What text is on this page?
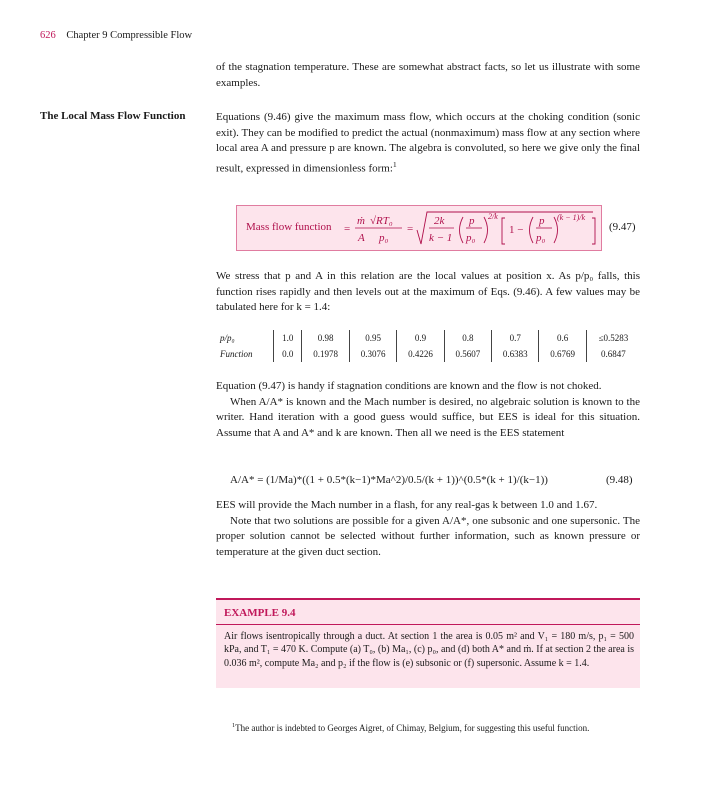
626 Chapter 9 Compressible Flow

of the stagnation temperature. These are somewhat abstract facts, so let us illustrate with some examples.

The Local Mass Flow Function	Equations (9.46) give the maximum mass flow, which occurs at the choking condition (sonic exit). They can be modified to predict the actual (nonmaximum) mass flow at any section where local area A and pressure p are known. The algebra is convoluted, so here we give only the final result, expressed in dimensionless form:$^1$

Mass flow function =
ṁ √RT₀
A p₀
=
2k
k − 1
p
p₀
2/k
1 −
p
p₀
(k − 1)/k
(9.47)

We stress that p and A in this relation are the local values at position x. As p/p₀ falls, this function rises rapidly and then levels out at the maximum of Eqs. (9.46). A few values may be tabulated here for k = 1.4:

p/p₀	1.0	0.98	0.95	0.9	0.8	0.7	0.6	≤0.5283
Function	0.0	0.1978	0.3076	0.4226	0.5607	0.6383	0.6769	0.6847

Equation (9.47) is handy if stagnation conditions are known and the flow is not choked.

When A/A* is known and the Mach number is desired, no algebraic solution is known to the writer. Hand iteration with a good guess would suffice, but EES is ideal for this situation. Assume that A and A* and k are known. Then all we need is the EES statement

A/A* = (1/Ma)*((1 + 0.5*(k−1)*Ma^2)/0.5/(k + 1))^(0.5*(k + 1)/(k−1))	(9.48)

EES will provide the Mach number in a flash, for any real-gas k between 1.0 and 1.67.

Note that two solutions are possible for a given A/A*, one subsonic and one supersonic. The proper solution cannot be selected without further information, such as known pressure or temperature at the given duct section.

EXAMPLE 9.4
Air flows isentropically through a duct. At section 1 the area is 0.05 m² and V₁ = 180 m/s, p₁ = 500 kPa, and T₁ = 470 K. Compute (a) T₀, (b) Ma₁, (c) p₀, and (d) both A* and ṁ. If at section 2 the area is 0.036 m², compute Ma₂ and p₂ if the flow is (e) subsonic or (f) supersonic. Assume k = 1.4.
$^1$The author is indebted to Georges Aigret, of Chimay, Belgium, for suggesting this useful function.
